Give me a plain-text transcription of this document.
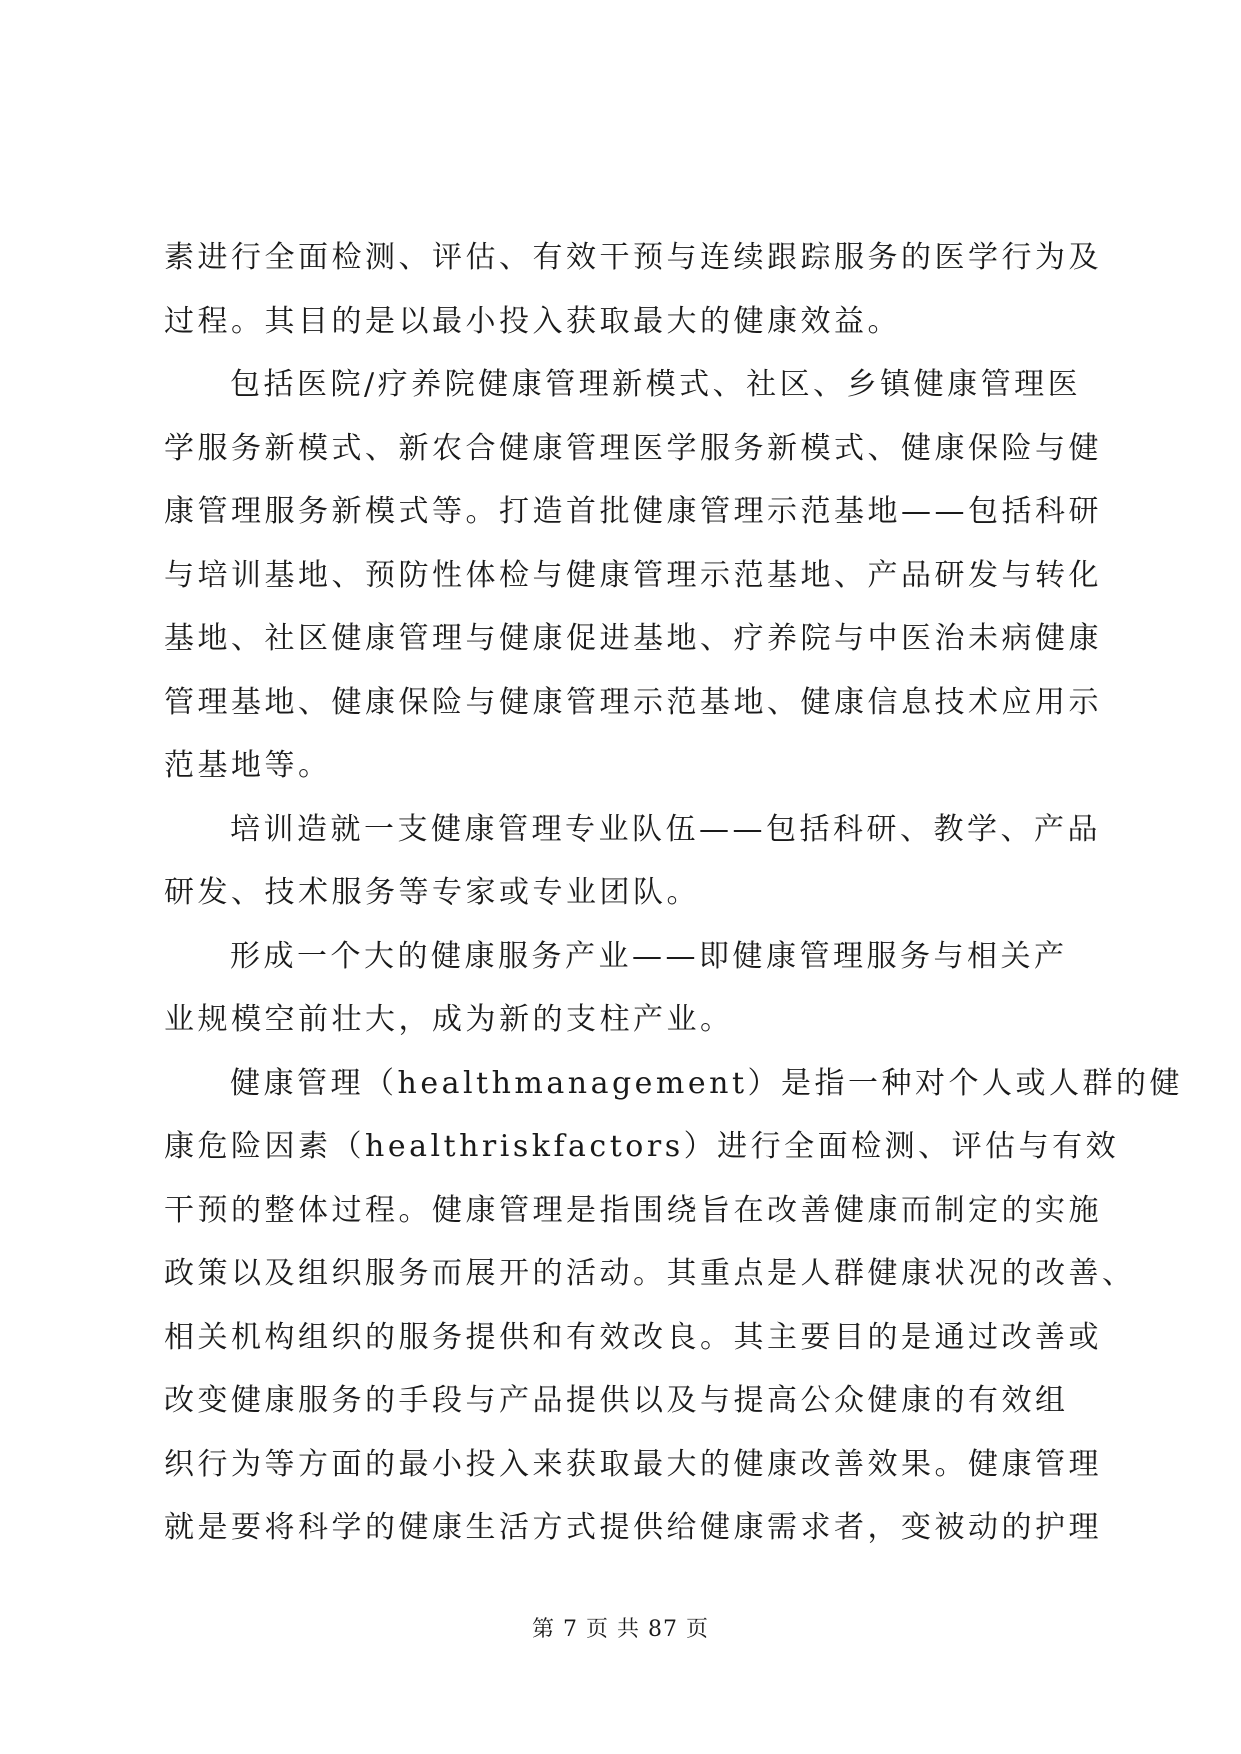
素进行全面检测、评估、有效干预与连续跟踪服务的医学行为及
过程。其目的是以最小投入获取最大的健康效益。
包括医院/疗养院健康管理新模式、社区、乡镇健康管理医
学服务新模式、新农合健康管理医学服务新模式、健康保险与健
康管理服务新模式等。打造首批健康管理示范基地——包括科研
与培训基地、预防性体检与健康管理示范基地、产品研发与转化
基地、社区健康管理与健康促进基地、疗养院与中医治未病健康
管理基地、健康保险与健康管理示范基地、健康信息技术应用示
范基地等。
培训造就一支健康管理专业队伍——包括科研、教学、产品
研发、技术服务等专家或专业团队。
形成一个大的健康服务产业——即健康管理服务与相关产
业规模空前壮大，成为新的支柱产业。
健康管理（healthmanagement）是指一种对个人或人群的健
康危险因素（healthriskfactors）进行全面检测、评估与有效
干预的整体过程。健康管理是指围绕旨在改善健康而制定的实施
政策以及组织服务而展开的活动。其重点是人群健康状况的改善、
相关机构组织的服务提供和有效改良。其主要目的是通过改善或
改变健康服务的手段与产品提供以及与提高公众健康的有效组
织行为等方面的最小投入来获取最大的健康改善效果。健康管理
就是要将科学的健康生活方式提供给健康需求者，变被动的护理
第 7 页 共 87 页
